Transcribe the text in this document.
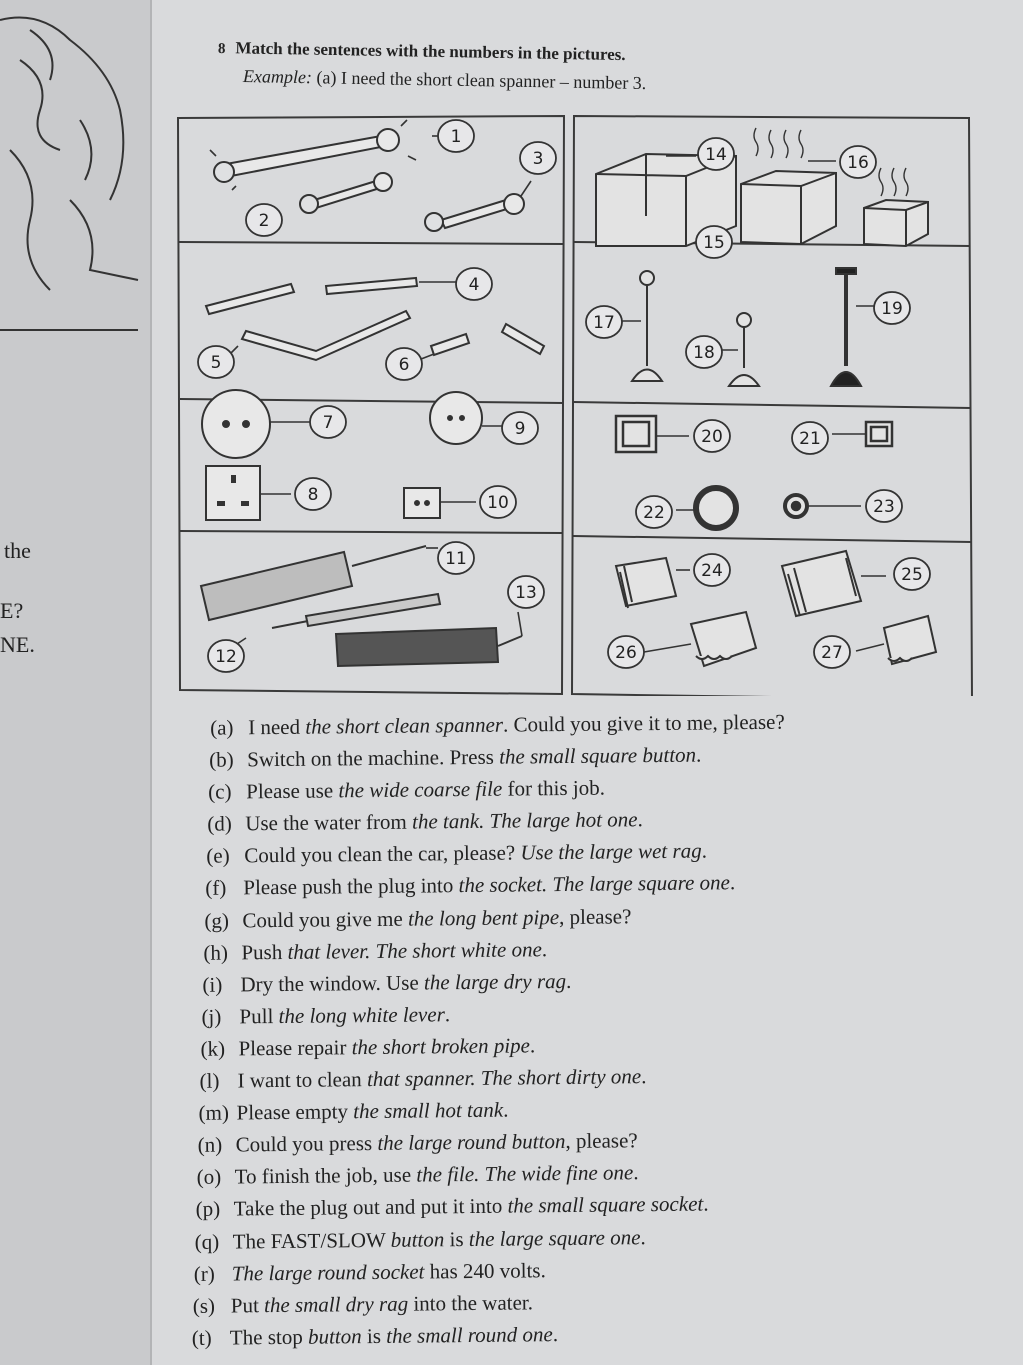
the
E?
NE.
8 Match the sentences with the numbers in the pictures.
Example: (a) I need the short clean spanner – number 3.
1
2
3
4
5	6
7
8
9
10
11
12
13
14
15
16
17
18
19
20	21
22	23
24	25
26	27
(a) I need the short clean spanner. Could you give it to me, please?
(b) Switch on the machine. Press the small square button.
(c) Please use the wide coarse file for this job.
(d) Use the water from the tank. The large hot one.
(e) Could you clean the car, please? Use the large wet rag.
(f) Please push the plug into the socket. The large square one.
(g) Could you give me the long bent pipe, please?
(h) Push that lever. The short white one.
(i) Dry the window. Use the large dry rag.
(j) Pull the long white lever.
(k) Please repair the short broken pipe.
(l) I want to clean that spanner. The short dirty one.
(m) Please empty the small hot tank.
(n) Could you press the large round button, please?
(o) To finish the job, use the file. The wide fine one.
(p) Take the plug out and put it into the small square socket.
(q) The FAST/SLOW button is the large square one.
(r) The large round socket has 240 volts.
(s) Put the small dry rag into the water.
(t) The stop button is the small round one.
